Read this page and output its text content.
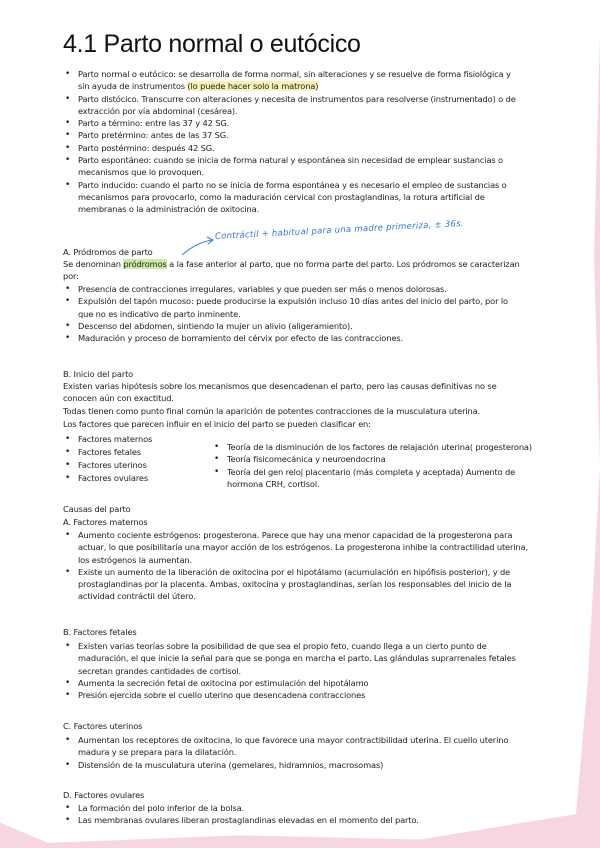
4.1 Parto normal o eutócico
• Parto normal o eutócico: se desarrolla de forma normal, sin alteraciones y se resuelve de forma fisiológica y sin ayuda de instrumentos (lo puede hacer solo la matrona)
• Parto distócico. Transcurre con alteraciones y necesita de instrumentos para resolverse (instrumentado) o de extracción por vía abdominal (cesárea).
• Parto a término: entre las 37 y 42 SG.
• Parto pretérmino: antes de las 37 SG.
• Parto postérmino: después 42 SG.
• Parto espontáneo: cuando se inicia de forma natural y espontánea sin necesidad de emplear sustancias o mecanismos que lo provoquen.
• Parto inducido: cuando el parto no se inicia de forma espontánea y es necesario el empleo de sustancias o mecanismos para provocarlo, como la maduración cervical con prostaglandinas, la rotura artificial de membranas o la administración de oxitocina.
Contráctil + habitual para una madre primeriza, ± 36s.
A. Pródromos de parto
Se denominan pródromos a la fase anterior al parto, que no forma parte del parto. Los pródromos se caracterizan por:
• Presencia de contracciones irregulares, variables y que pueden ser más o menos dolorosas.
• Expulsión del tapón mucoso: puede producirse la expulsión incluso 10 días antes del inicio del parto, por lo que no es indicativo de parto inminente.
• Descenso del abdomen, sintiendo la mujer un alivio (aligeramiento).
• Maduración y proceso de borramiento del cérvix por efecto de las contracciones.
B. Inicio del parto
Existen varias hipótesis sobre los mecanismos que desencadenan el parto, pero las causas definitivas no se conocen aún con exactitud.
Todas tienen como punto final común la aparición de potentes contracciones de la musculatura uterina.
Los factores que parecen influir en el inicio del parto se pueden clasificar en:
• Factores maternos
• Factores fetales
• Factores uterinos
• Factores ovulares
• Teoría de la disminución de los factores de relajación uterina( progesterona)
• Teoría fisicomecánica y neuroendocrina
• Teoría del gen reloj placentario (más completa y aceptada) Aumento de hormona CRH, cortisol.
Causas del parto
A. Factores maternos
• Aumento cociente estrógenos: progesterona. Parece que hay una menor capacidad de la progesterona para actuar, lo que posibilitaría una mayor acción de los estrógenos. La progesterona inhibe la contractilidad uterina, los estrógenos la aumentan.
• Existe un aumento de la liberación de oxitocina por el hipotálamo (acumulación en hipófisis posterior), y de prostaglandinas por la placenta. Ambas, oxitocina y prostaglandinas, serían los responsables del inicio de la actividad contráctil del útero.
B. Factores fetales
• Existen varias teorías sobre la posibilidad de que sea el propio feto, cuando llega a un cierto punto de maduración, el que inicie la señal para que se ponga en marcha el parto. Las glándulas suprarrenales fetales secretan grandes cantidades de cortisol.
• Aumenta la secreción fetal de oxitocina por estimulación del hipotálamo
• Presión ejercida sobre el cuello uterino que desencadena contracciones
C. Factores uterinos
• Aumentan los receptores de oxitocina, lo que favorece una mayor contractibilidad uterina. El cuello uterino madura y se prepara para la dilatación.
• Distensión de la musculatura uterina (gemelares, hidramnios, macrosomas)
D. Factores ovulares
• La formación del polo inferior de la bolsa.
• Las membranas ovulares liberan prostaglandinas elevadas en el momento del parto.
